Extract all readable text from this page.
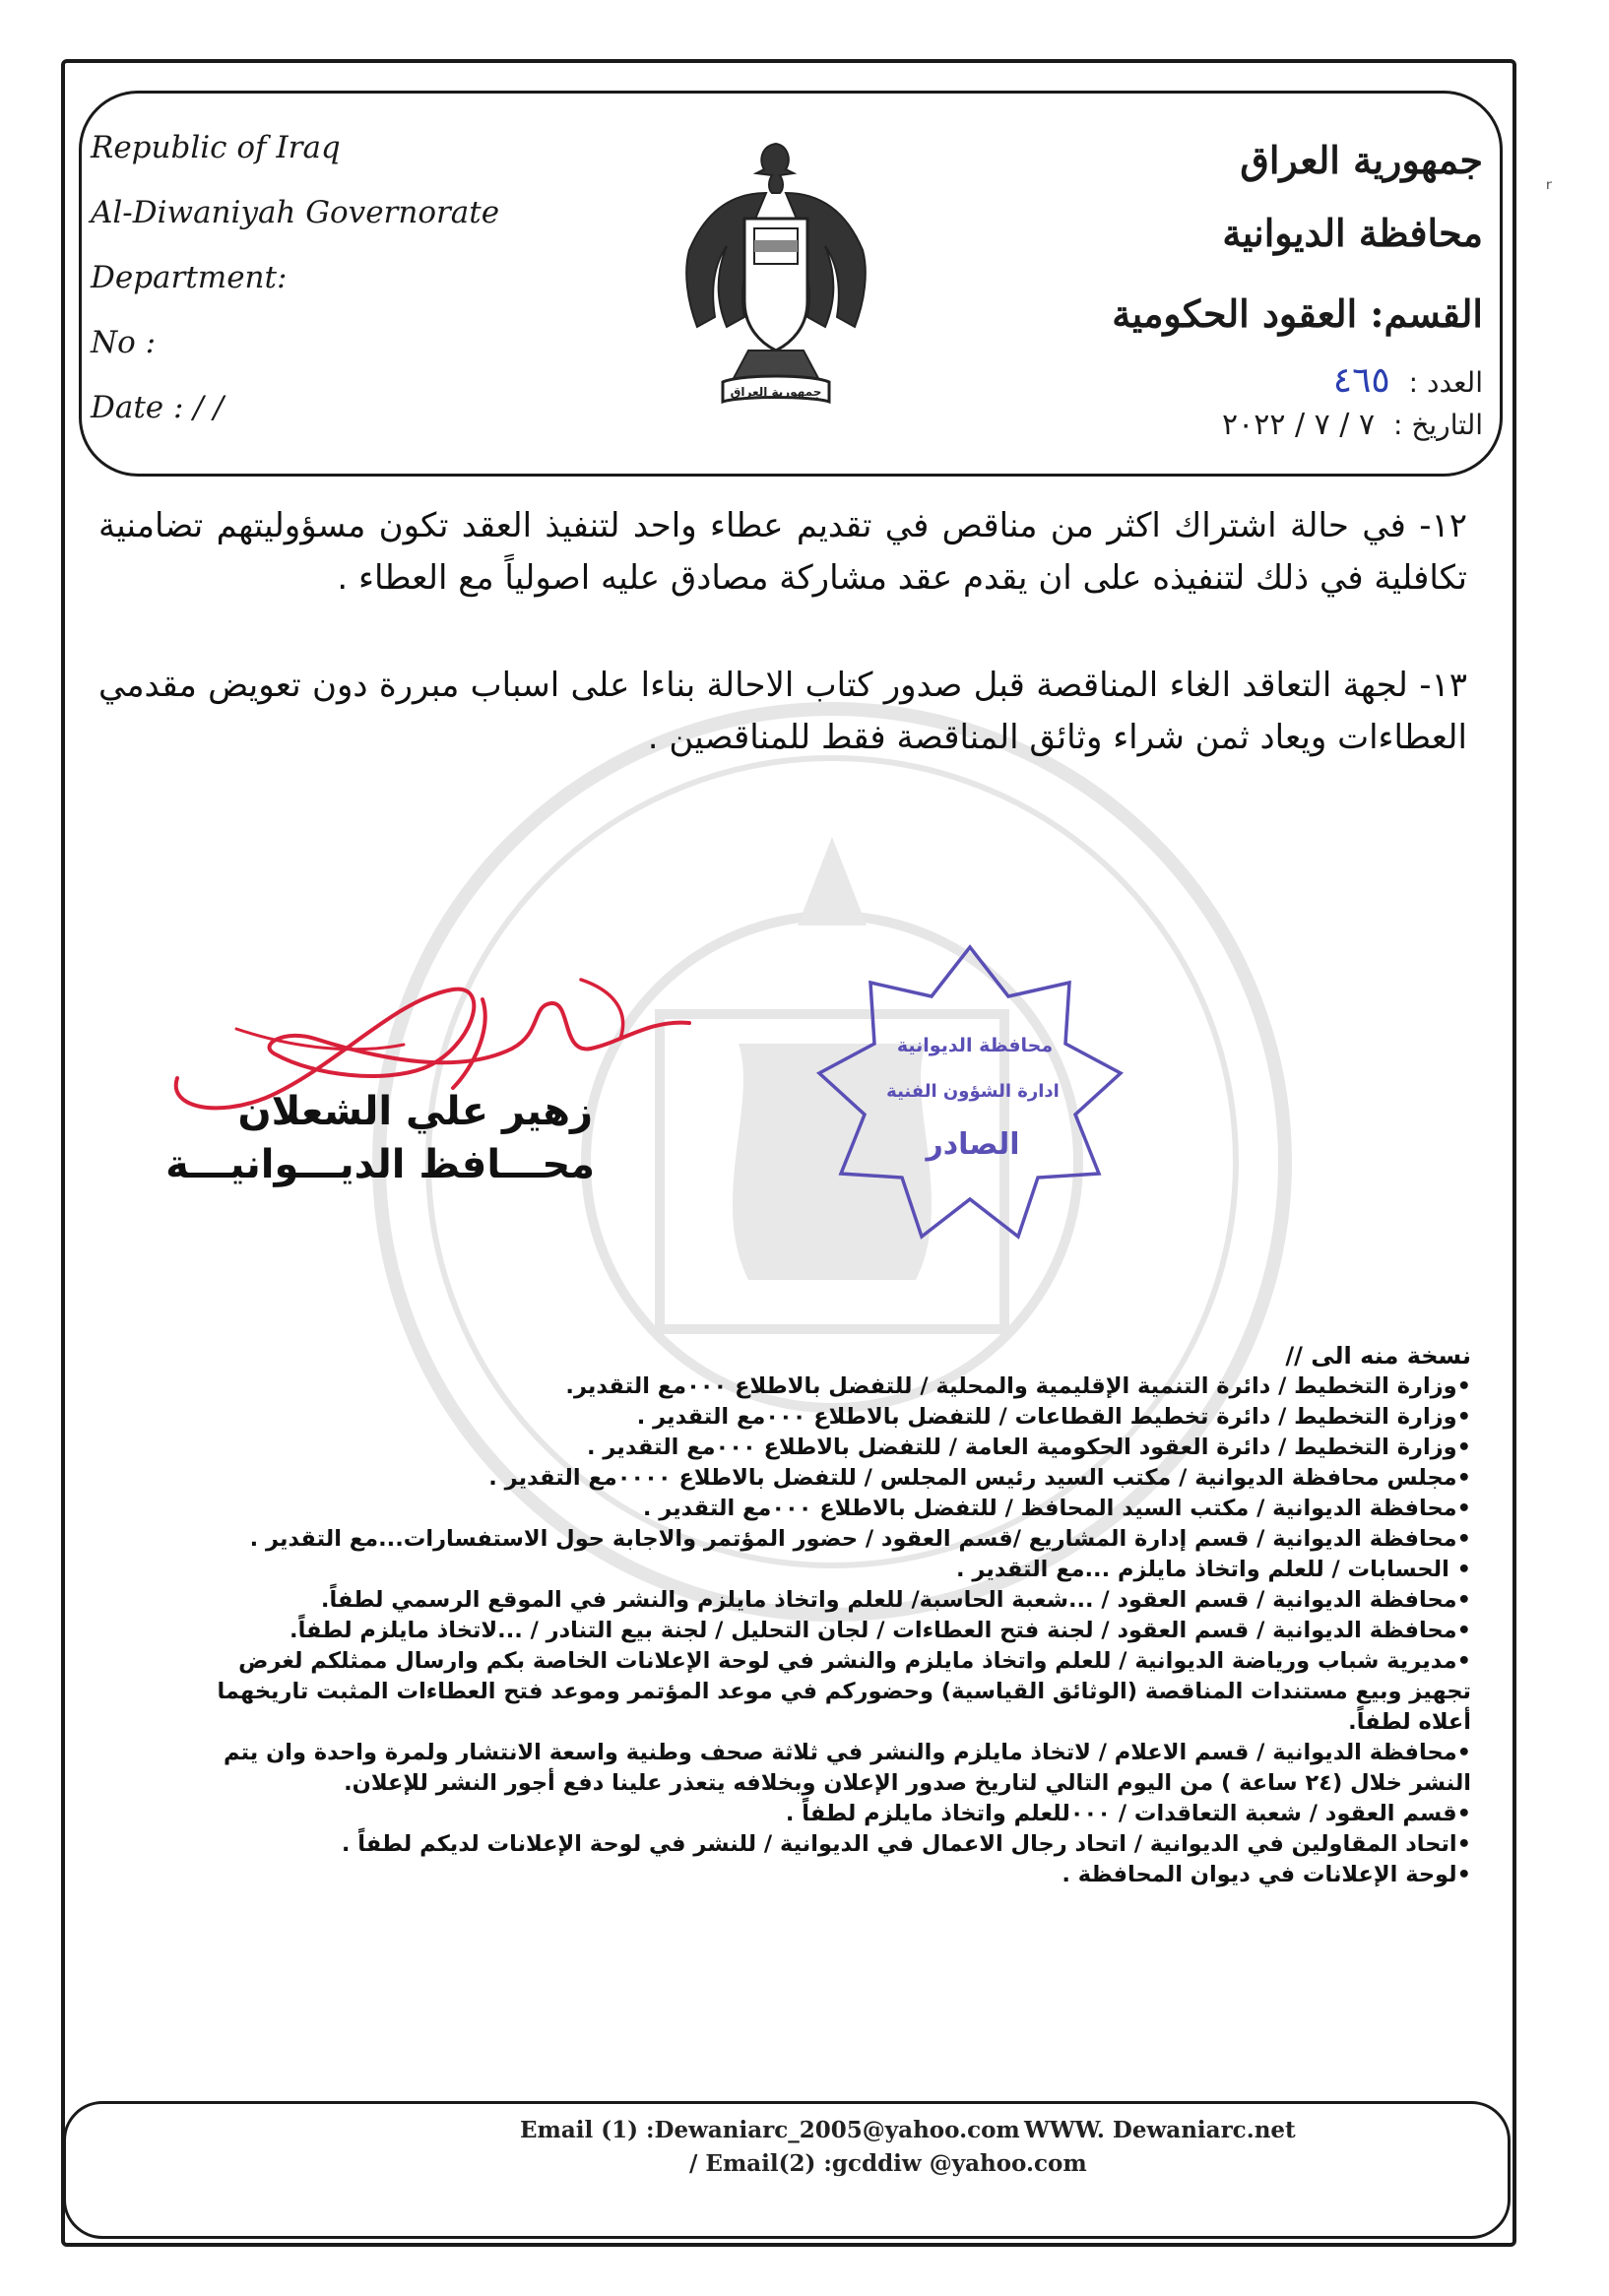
ʳ
Republic of Iraq
Al-Diwaniyah Governorate
Department:
No :
Date : / /	جمهورية العراق
جمهورية العراق
محافظة الديوانية
القسم: العقود الحكومية
العدد : ٤٦٥
التاريخ : ٧ / ٧ / ٢٠٢٢

١٢- في حالة اشتراك اكثر من مناقص في تقديم عطاء واحد لتنفيذ العقد تكون مسؤوليتهم تضامنية تكافلية في ذلك لتنفيذه على ان يقدم عقد مشاركة مصادق عليه اصولياً مع العطاء .

١٣- لجهة التعاقد الغاء المناقصة قبل صدور كتاب الاحالة بناءا على اسباب مبررة دون تعويض مقدمي العطاءات ويعاد ثمن شراء وثائق المناقصة فقط للمناقصين .

زهير علي الشعلان
محـــافظ الديـــوانيـــة
محافظة الديوانية
ادارة الشؤون الفنية
الصادر
نسخة منه الى //
•وزارة التخطيط / دائرة التنمية الإقليمية والمحلية / للتفضل بالاطلاع ٠٠٠مع التقدير.
•وزارة التخطيط / دائرة تخطيط القطاعات / للتفضل بالاطلاع ٠٠٠مع التقدير .
•وزارة التخطيط / دائرة العقود الحكومية العامة / للتفضل بالاطلاع ٠٠٠مع التقدير .
•مجلس محافظة الديوانية / مكتب السيد رئيس المجلس / للتفضل بالاطلاع ٠٠٠٠مع التقدير .
•محافظة الديوانية / مكتب السيد المحافظ / للتفضل بالاطلاع ٠٠٠مع التقدير .
•محافظة الديوانية / قسم إدارة المشاريع /قسم العقود / حضور المؤتمر والاجابة حول الاستفسارات...مع التقدير .
• الحسابات / للعلم واتخاذ مايلزم ...مع التقدير .
•محافظة الديوانية / قسم العقود / ...شعبة الحاسبة/ للعلم واتخاذ مايلزم والنشر في الموقع الرسمي لطفاً.
•محافظة الديوانية / قسم العقود / لجنة فتح العطاءات / لجان التحليل / لجنة بيع التنادر / ...لاتخاذ مايلزم لطفاً.
•مديرية شباب ورياضة الديوانية / للعلم واتخاذ مايلزم والنشر في لوحة الإعلانات الخاصة بكم وارسال ممثلكم لغرض تجهيز وبيع مستندات المناقصة (الوثائق القياسية) وحضوركم في موعد المؤتمر وموعد فتح العطاءات المثبت تاريخهما أعلاه لطفاً.
•محافظة الديوانية / قسم الاعلام / لاتخاذ مايلزم والنشر في ثلاثة صحف وطنية واسعة الانتشار ولمرة واحدة وان يتم النشر خلال (٢٤ ساعة ) من اليوم التالي لتاريخ صدور الإعلان وبخلافه يتعذر علينا دفع أجور النشر للإعلان.
•قسم العقود / شعبة التعاقدات / ٠٠٠للعلم واتخاذ مايلزم لطفاً .
•اتحاد المقاولين في الديوانية / اتحاد رجال الاعمال في الديوانية / للنشر في لوحة الإعلانات لديكم لطفاً .
•لوحة الإعلانات في ديوان المحافظة .
Email (1) :Dewaniarc_2005@yahoo.com WWW. Dewaniarc.net
/ Email(2) :gcddiw @yahoo.com
